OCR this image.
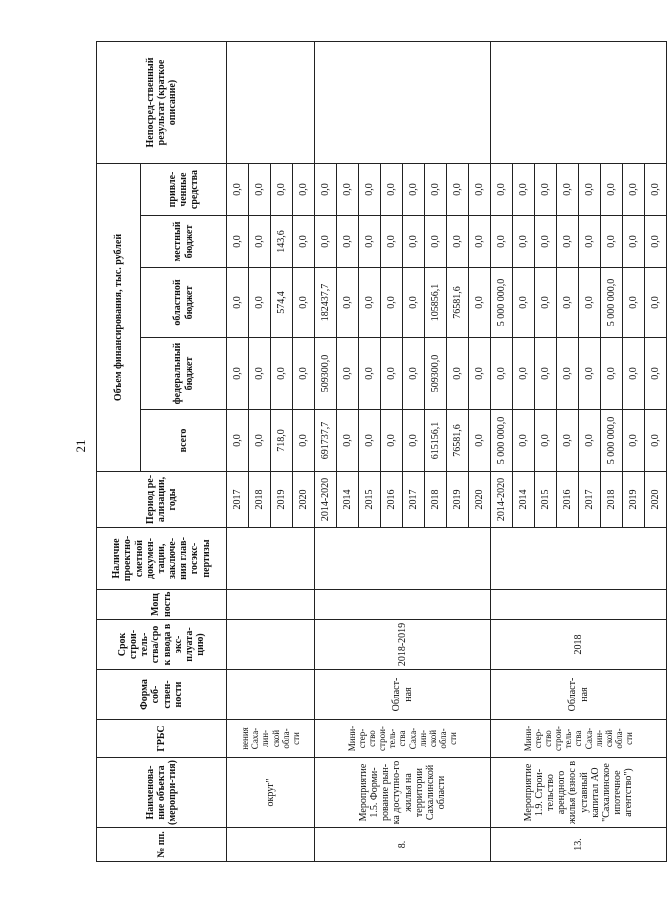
21
№ пп.	Наименова-ние объекта (меропри-тия)	ГРБС	Форма соб-ствен-ности	Срок строи-тель-ства/сро к ввода в экс-плуата-цию)	Мощ ность	Наличие проектно-сметной докумен-тации, заключе-ния глав-госэкс-пертизы	Период ре-ализации, годы	Объем финансирования, тыс. рублей					Непосред-ственный результат (краткое описание)
								всего	федеральный бюджет	областной бюджет	местный бюджет	привле-ченные средства	
	округ"	нения Саха-лин-ской обла-сти					2017	0,0	0,0	0,0	0,0	0,0	
							2018	0,0	0,0	0,0	0,0	0,0	
							2019	718,0	0,0	574,4	143,6	0,0	
							2020	0,0	0,0	0,0	0,0	0,0	
8.	Мероприятие 1.5. Форми-рование рын-ка доступно-го жилья на территории Сахалинской области	Мини-стер-ство строи-тель-ства Саха-лин-ской обла-сти	Област-ная	2018-2019			2014-2020	691737,7	509300,0	182437,7	0,0	0,0	
							2014	0,0	0,0	0,0	0,0	0,0	
							2015	0,0	0,0	0,0	0,0	0,0	
							2016	0,0	0,0	0,0	0,0	0,0	
							2017	0,0	0,0	0,0	0,0	0,0	
							2018	615156,1	509300,0	105856,1	0,0	0,0	
							2019	76581,6	0,0	76581,6	0,0	0,0	
							2020	0,0	0,0	0,0	0,0	0,0	
13.	Мероприятие 1.9. Строи-тельство арендного жилья (взнос в уставный капитал АО "Сахалинское ипотечное агентство")	Мини-стер-ство строи-тель-ства Саха-лин-ской обла-сти	Област-ная	2018			2014-2020	5 000 000,0	0,0	5 000 000,0	0,0	0,0	
							2014	0,0	0,0	0,0	0,0	0,0	
							2015	0,0	0,0	0,0	0,0	0,0	
							2016	0,0	0,0	0,0	0,0	0,0	
							2017	0,0	0,0	0,0	0,0	0,0	
							2018	5 000 000,0	0,0	5 000 000,0	0,0	0,0	
							2019	0,0	0,0	0,0	0,0	0,0	
							2020	0,0	0,0	0,0	0,0	0,0	
